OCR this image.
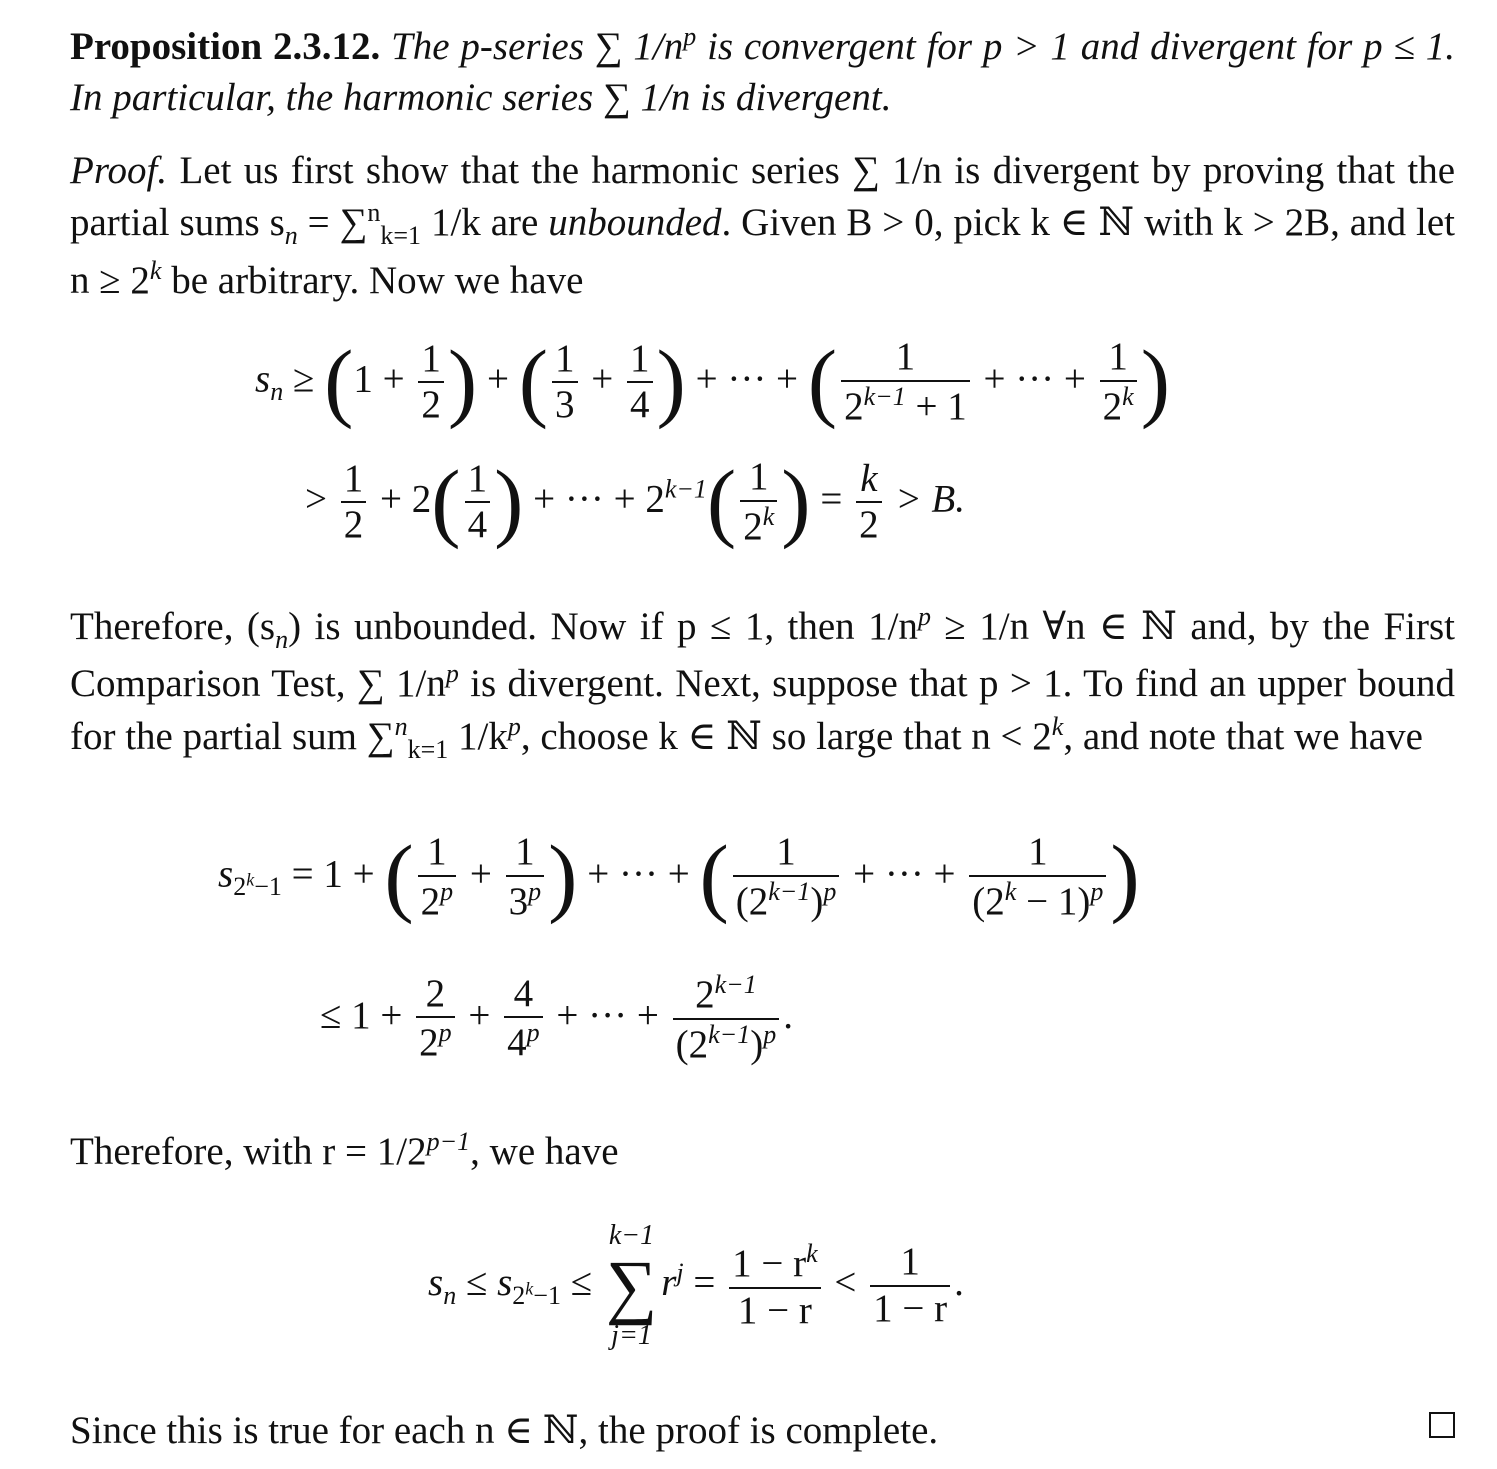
Proposition 2.3.12. The p-series ∑ $1/n^p$ is convergent for p > 1 and divergent for p ≤ 1. In particular, the harmonic series ∑ 1/n is divergent.

Proof. Let us first show that the harmonic series ∑ 1/n is divergent by proving that the partial sums $s_n = \sum^n_{k=1}$ 1/k are unbounded. Given B > 0, pick k ∈ ℕ with k > 2B, and let $n \ge 2^k$ be arbitrary. Now we have

$s_n \ge (1 + \frac{1}{2}$ ) + ( $\frac{1}{3} + \frac{1}{4}$ ) + ··· + ( $\frac{1}{2^{k-1} + 1}$ + ··· + $\frac{1}{2^k}$ )
> $\frac{1}{2} + 2( \frac{1}{4}$ ) + ··· + $2^{k-1}( \frac{1}{2^k}$ ) = $\frac{k}{2} > B$.

Therefore, $(s_n)$ is unbounded. Now if p ≤ 1, then $1/n^p \ge 1/n$ ∀n ∈ ℕ and, by the First Comparison Test, ∑ $1/n^p$ is divergent. Next, suppose that p > 1. To find an upper bound for the partial sum ∑$^n_{k=1}$ $1/k^p$, choose k ∈ ℕ so large that $n < 2^k$, and note that we have

$s_{2^k-1} = 1$ + ( $\frac{1}{2^p} + \frac{1}{3^p}$ ) + ··· + ( $\frac{1}{(2^{k-1})^p}$ + ··· + $\frac{1}{(2^k - 1)^p}$ )
≤ $1 + \frac{2}{2^p} + \frac{4}{4^p}$ + ··· + $\frac{2^{k-1}}{(2^{k-1})^p}$ .

Therefore, with $r = 1/2^{p-1}$, we have

$s_n \le s_{2^k-1}$ ≤
k−1
∑
j=1
$r^j = \frac{1 - r^k}{1 - r} < \frac{1}{1 - r}$ .

Since this is true for each n ∈ ℕ, the proof is complete.
